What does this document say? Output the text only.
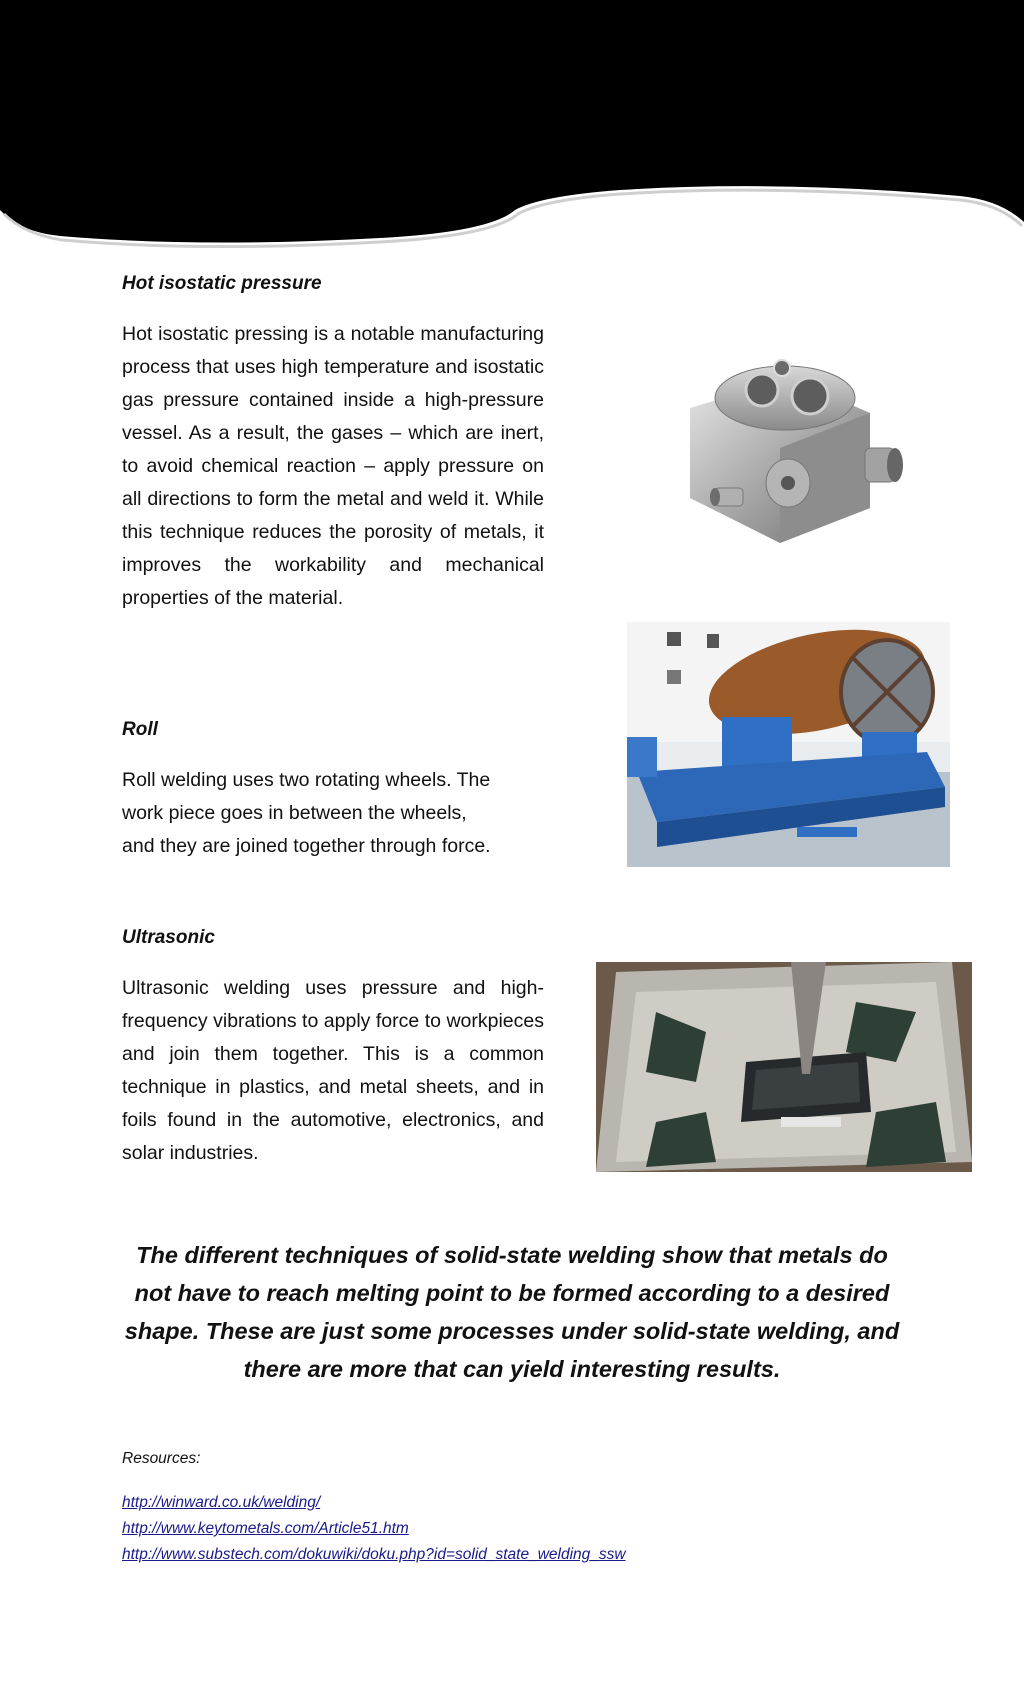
Hot isostatic pressure

Hot isostatic pressing is a notable manufacturing process that uses high temperature and isostatic gas pressure contained inside a high-pressure vessel. As a result, the gases – which are inert, to avoid chemical reaction – apply pressure on all directions to form the metal and weld it. While this technique reduces the porosity of metals, it improves the workability and mechanical properties of the material.

Roll

Roll welding uses two rotating wheels. The
work piece goes in between the wheels,
and they are joined together through force.

Ultrasonic

Ultrasonic welding uses pressure and high-frequency vibrations to apply force to workpieces and join them together. This is a common technique in plastics, and metal sheets, and in foils found in the automotive, electronics, and solar industries.

The different techniques of solid-state welding show that metals do not have to reach melting point to be formed according to a desired shape. These are just some processes under solid-state welding, and there are more that can yield interesting results.

Resources:

http://winward.co.uk/welding/
http://www.keytometals.com/Article51.htm
http://www.substech.com/dokuwiki/doku.php?id=solid_state_welding_ssw
